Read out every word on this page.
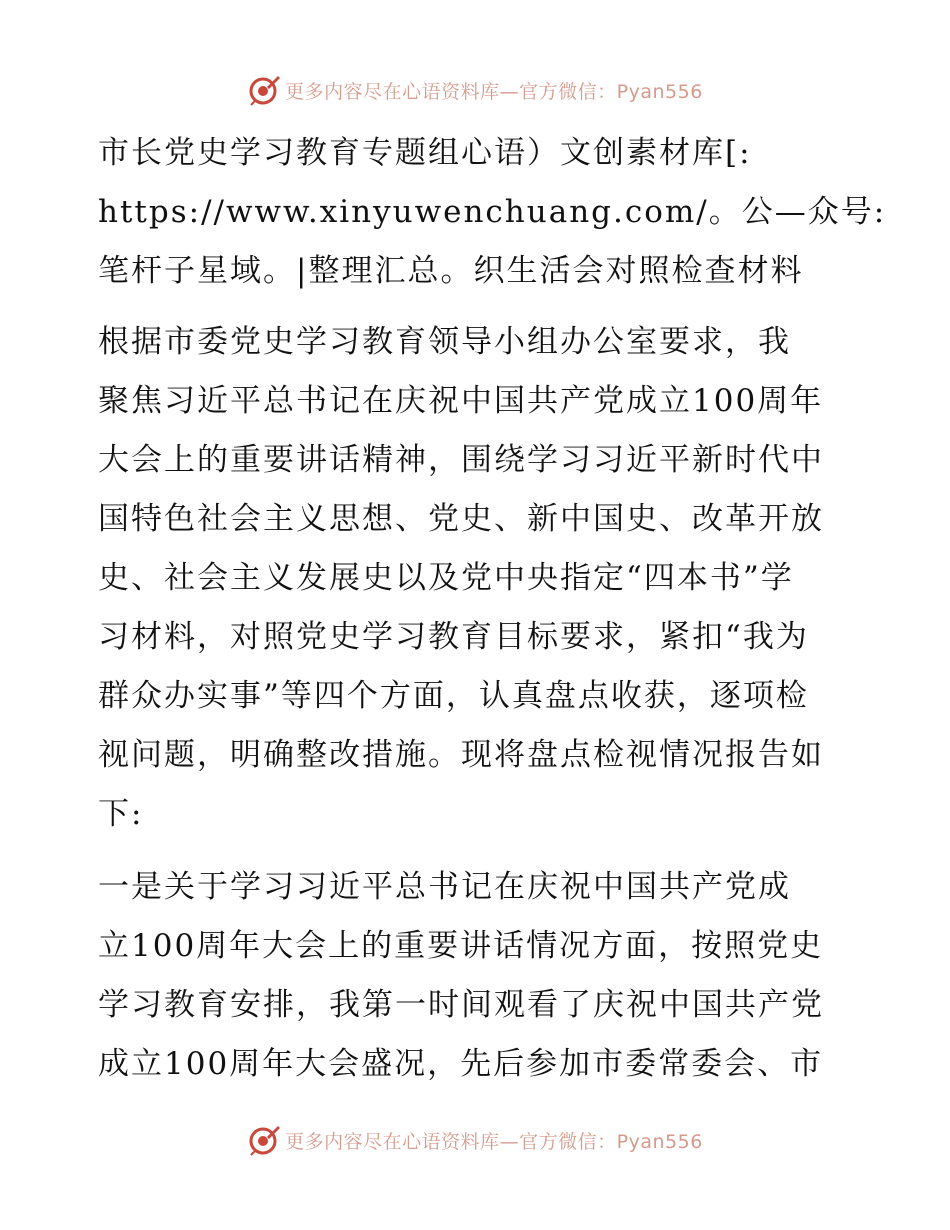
更多内容尽在心语资料库—官方微信：Pyan556

市长党史学习教育专题组心语）文创素材库[:
https://www.xinyuwenchuang.com/。公—众号:
笔杆子星域。|整理汇总。织生活会对照检查材料

根据市委党史学习教育领导小组办公室要求，我
聚焦习近平总书记在庆祝中国共产党成立100周年
大会上的重要讲话精神，围绕学习习近平新时代中
国特色社会主义思想、党史、新中国史、改革开放
史、社会主义发展史以及党中央指定“四本书”学
习材料，对照党史学习教育目标要求，紧扣“我为
群众办实事”等四个方面，认真盘点收获，逐项检
视问题，明确整改措施。现将盘点检视情况报告如
下:

一是关于学习习近平总书记在庆祝中国共产党成
立100周年大会上的重要讲话情况方面，按照党史
学习教育安排，我第一时间观看了庆祝中国共产党
成立100周年大会盛况，先后参加市委常委会、市

更多内容尽在心语资料库—官方微信：Pyan556
